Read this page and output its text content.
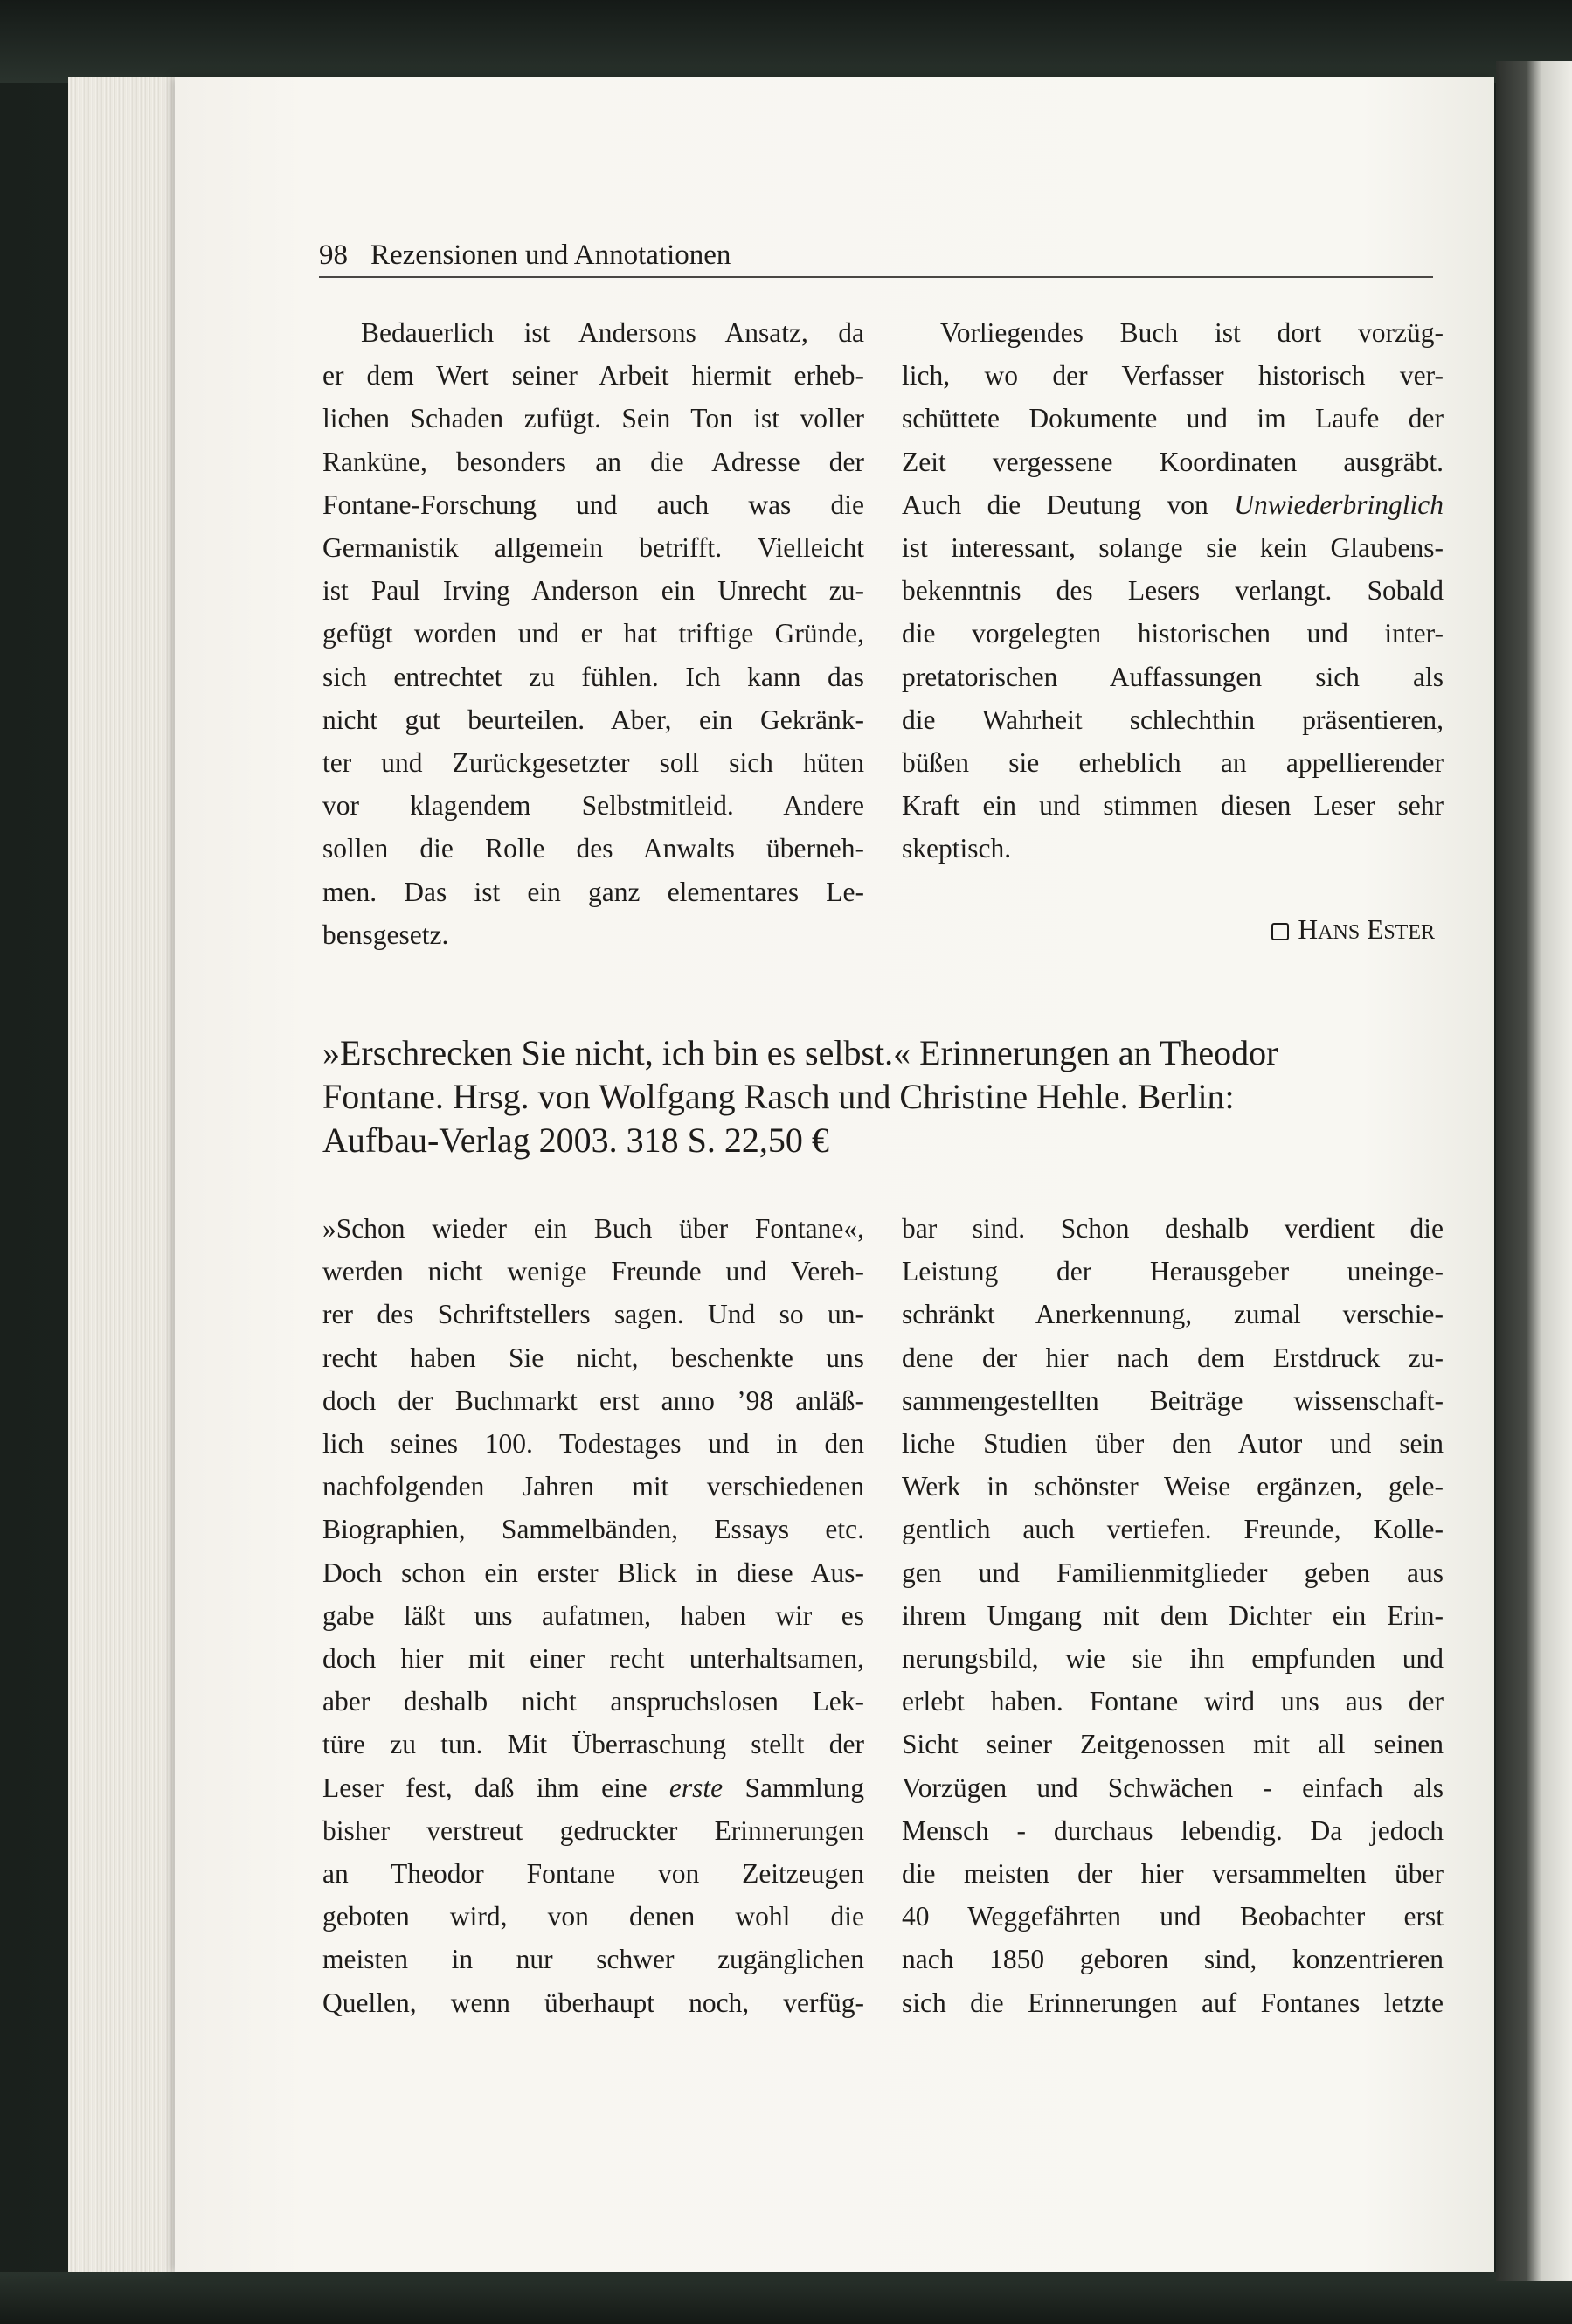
98 Rezensionen und Annotationen

Bedauerlich ist Andersons Ansatz, da

er dem Wert seiner Arbeit hiermit erheb-

lichen Schaden zufügt. Sein Ton ist voller

Rankünе, besonders an die Adresse der

Fontane-Forschung und auch was die

Germanistik allgemein betrifft. Vielleicht

ist Paul Irving Anderson ein Unrecht zu-

gefügt worden und er hat triftige Gründe,

sich entrechtet zu fühlen. Ich kann das

nicht gut beurteilen. Aber, ein Gekränk-

ter und Zurückgesetzter soll sich hüten

vor klagendem Selbstmitleid. Andere

sollen die Rolle des Anwalts überneh-

men. Das ist ein ganz elementares Le-

bensgesetz.

Vorliegendes Buch ist dort vorzüg-

lich, wo der Verfasser historisch ver-

schüttete Dokumente und im Laufe der

Zeit vergessene Koordinaten ausgräbt.

Auch die Deutung von Unwiederbringlich

ist interessant, solange sie kein Glaubens-

bekenntnis des Lesers verlangt. Sobald

die vorgelegten historischen und inter-

pretatorischen Auffassungen sich als

die Wahrheit schlechthin präsentieren,

büßen sie erheblich an appellierender

Kraft ein und stimmen diesen Leser sehr

skeptisch.

HANS ESTER
»Erschrecken Sie nicht, ich bin es selbst.« Erinnerungen an Theodor
Fontane. Hrsg. von Wolfgang Rasch und Christine Hehle. Berlin:
Aufbau-Verlag 2003. 318 S. 22,50 €

»Schon wieder ein Buch über Fontane«,

werden nicht wenige Freunde und Vereh-

rer des Schriftstellers sagen. Und so un-

recht haben Sie nicht, beschenkte uns

doch der Buchmarkt erst anno ’98 anläß-

lich seines 100. Todestages und in den

nachfolgenden Jahren mit verschiedenen

Biographien, Sammelbänden, Essays etc.

Doch schon ein erster Blick in diese Aus-

gabe läßt uns aufatmen, haben wir es

doch hier mit einer recht unterhaltsamen,

aber deshalb nicht anspruchslosen Lek-

türe zu tun. Mit Überraschung stellt der

Leser fest, daß ihm eine erste Sammlung

bisher verstreut gedruckter Erinnerungen

an Theodor Fontane von Zeitzeugen

geboten wird, von denen wohl die

meisten in nur schwer zugänglichen

Quellen, wenn überhaupt noch, verfüg-

bar sind. Schon deshalb verdient die

Leistung der Herausgeber uneinge-

schränkt Anerkennung, zumal verschie-

dene der hier nach dem Erstdruck zu-

sammengestellten Beiträge wissenschaft-

liche Studien über den Autor und sein

Werk in schönster Weise ergänzen, gele-

gentlich auch vertiefen. Freunde, Kolle-

gen und Familienmitglieder geben aus

ihrem Umgang mit dem Dichter ein Erin-

nerungsbild, wie sie ihn empfunden und

erlebt haben. Fontane wird uns aus der

Sicht seiner Zeitgenossen mit all seinen

Vorzügen und Schwächen - einfach als

Mensch - durchaus lebendig. Da jedoch

die meisten der hier versammelten über

40 Weggefährten und Beobachter erst

nach 1850 geboren sind, konzentrieren

sich die Erinnerungen auf Fontanes letzte
